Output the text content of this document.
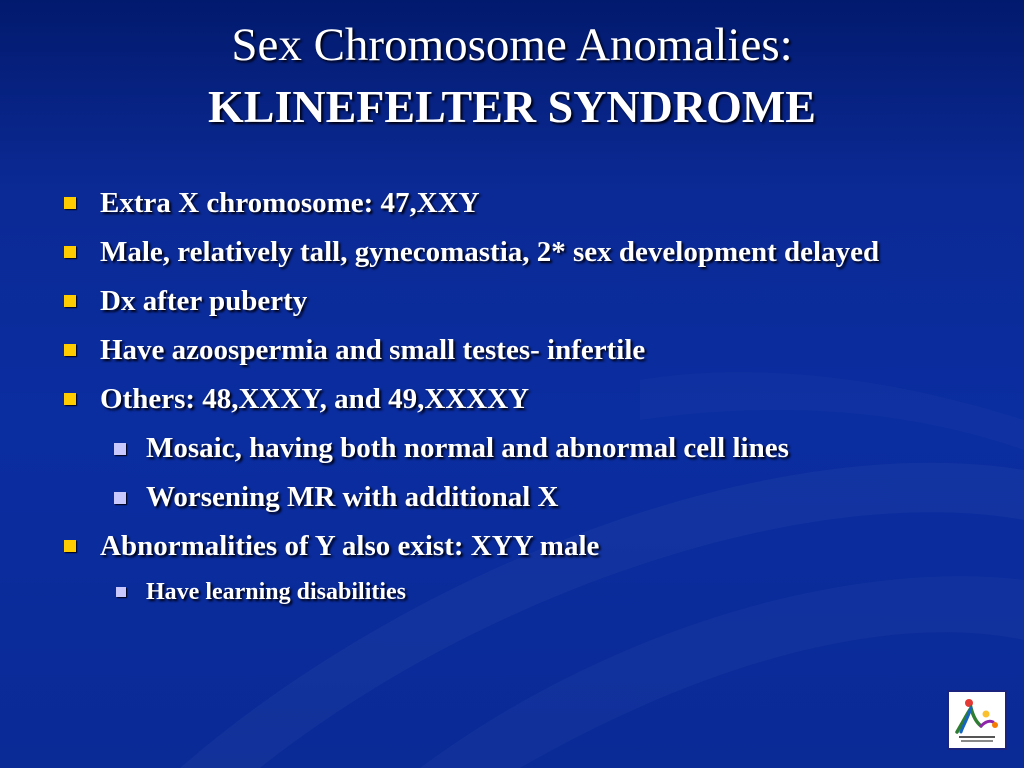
Sex Chromosome Anomalies:
KLINEFELTER SYNDROME
Extra X chromosome: 47,XXY
Male, relatively tall, gynecomastia, 2* sex development delayed
Dx after puberty
Have azoospermia and small testes- infertile
Others: 48,XXXY, and 49,XXXXY
Mosaic, having both normal and abnormal cell lines
Worsening MR with additional X
Abnormalities of Y also exist: XYY male
Have learning disabilities
